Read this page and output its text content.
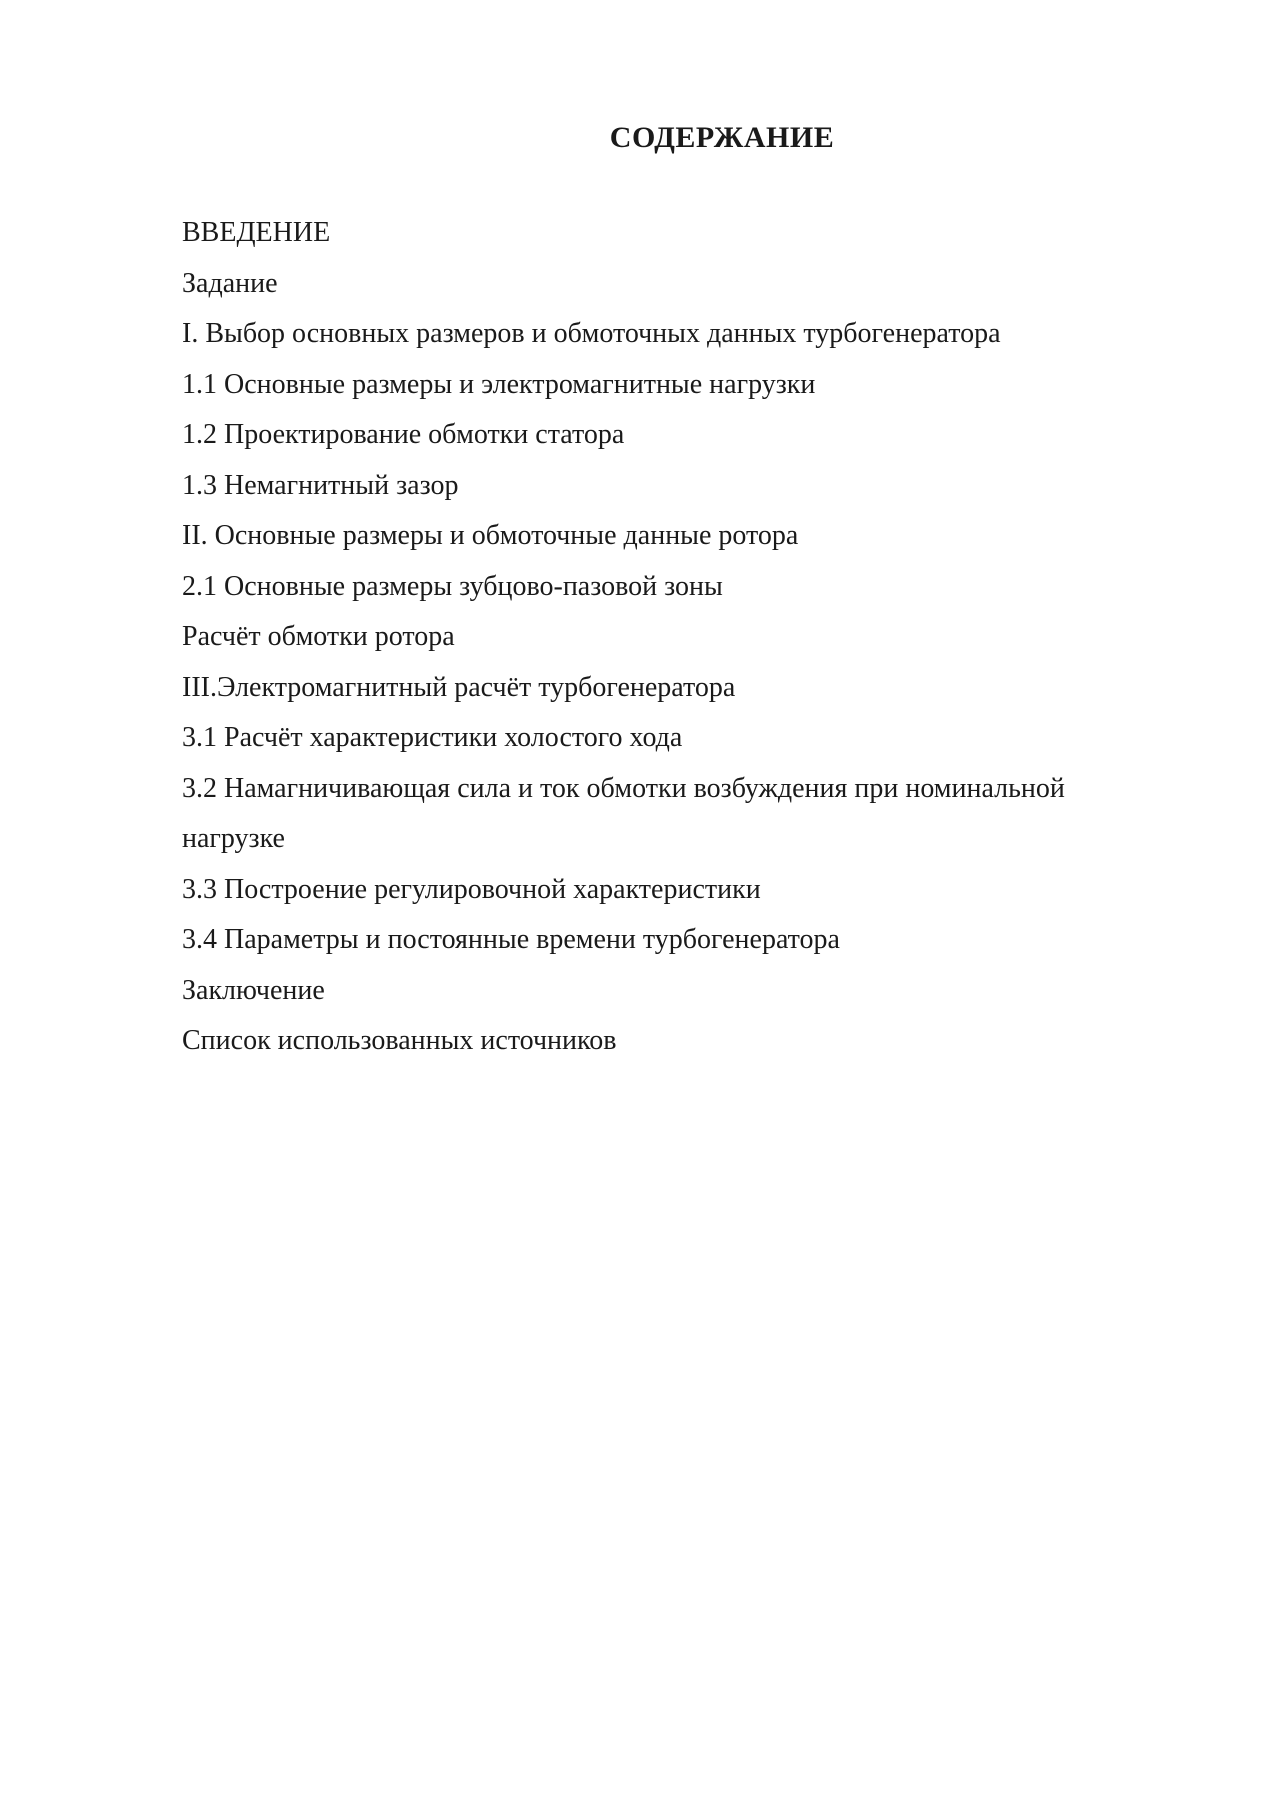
СОДЕРЖАНИЕ
ВВЕДЕНИЕ
Задание
I. Выбор основных размеров и обмоточных данных турбогенератора
1.1 Основные размеры и электромагнитные нагрузки
1.2 Проектирование обмотки статора
1.3 Немагнитный зазор
II. Основные размеры и обмоточные данные ротора
2.1 Основные размеры зубцово-пазовой зоны
Расчёт обмотки ротора
III.Электромагнитный расчёт турбогенератора
3.1 Расчёт характеристики холостого хода
3.2 Намагничивающая сила и ток обмотки возбуждения при номинальной нагрузке
3.3 Построение регулировочной характеристики
3.4 Параметры и постоянные времени турбогенератора
Заключение
Список использованных источников
